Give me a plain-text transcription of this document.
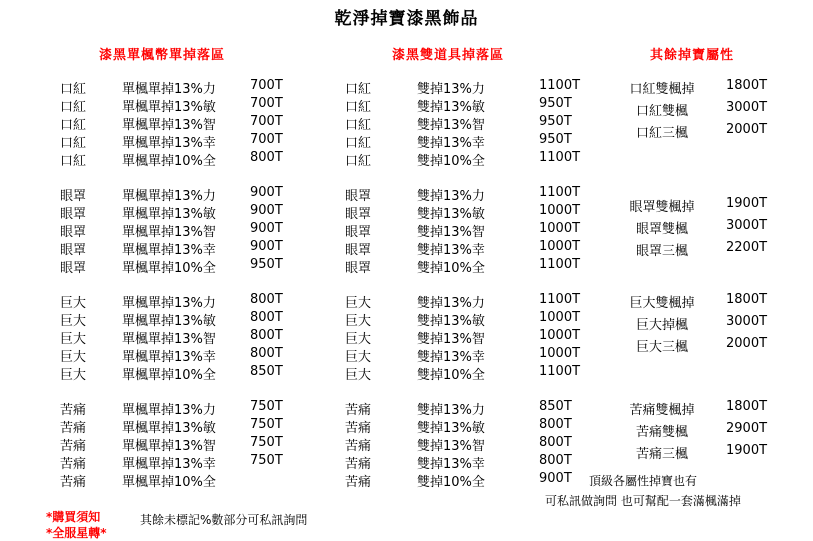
乾淨掉寶漆黑飾品
漆黑單楓幣單掉落區	漆黑雙道具掉落區	其餘掉寶屬性
口紅	單楓單掉13%力	700T
口紅	單楓單掉13%敏	700T
口紅	單楓單掉13%智	700T
口紅	單楓單掉13%幸	700T
口紅	單楓單掉10%全	800T
眼罩	單楓單掉13%力	900T
眼罩	單楓單掉13%敏	900T
眼罩	單楓單掉13%智	900T
眼罩	單楓單掉13%幸	900T
眼罩	單楓單掉10%全	950T
巨大	單楓單掉13%力	800T
巨大	單楓單掉13%敏	800T
巨大	單楓單掉13%智	800T
巨大	單楓單掉13%幸	800T
巨大	單楓單掉10%全	850T
苦痛	單楓單掉13%力	750T
苦痛	單楓單掉13%敏	750T
苦痛	單楓單掉13%智	750T
苦痛	單楓單掉13%幸	750T
苦痛	單楓單掉10%全
口紅	雙掉13%力	1100T
口紅	雙掉13%敏	950T
口紅	雙掉13%智	950T
口紅	雙掉13%幸	950T
口紅	雙掉10%全	1100T
眼罩	雙掉13%力	1100T
眼罩	雙掉13%敏	1000T
眼罩	雙掉13%智	1000T
眼罩	雙掉13%幸	1000T
眼罩	雙掉10%全	1100T
巨大	雙掉13%力	1100T
巨大	雙掉13%敏	1000T
巨大	雙掉13%智	1000T
巨大	雙掉13%幸	1000T
巨大	雙掉10%全	1100T
苦痛	雙掉13%力	850T
苦痛	雙掉13%敏	800T
苦痛	雙掉13%智	800T
苦痛	雙掉13%幸	800T
苦痛	雙掉10%全	900T
口紅雙楓掉	1800T
口紅雙楓	3000T
口紅三楓	2000T
眼罩雙楓掉	1900T
眼罩雙楓	3000T
眼罩三楓	2200T
巨大雙楓掉	1800T
巨大掉楓	3000T
巨大三楓	2000T
苦痛雙楓掉	1800T
苦痛雙楓	2900T
苦痛三楓	1900T
頂級各屬性掉寶也有
可私訊做詢問 也可幫配一套滿楓滿掉
*購買須知
*全服星轉*
其餘未標記%數部分可私訊詢問
